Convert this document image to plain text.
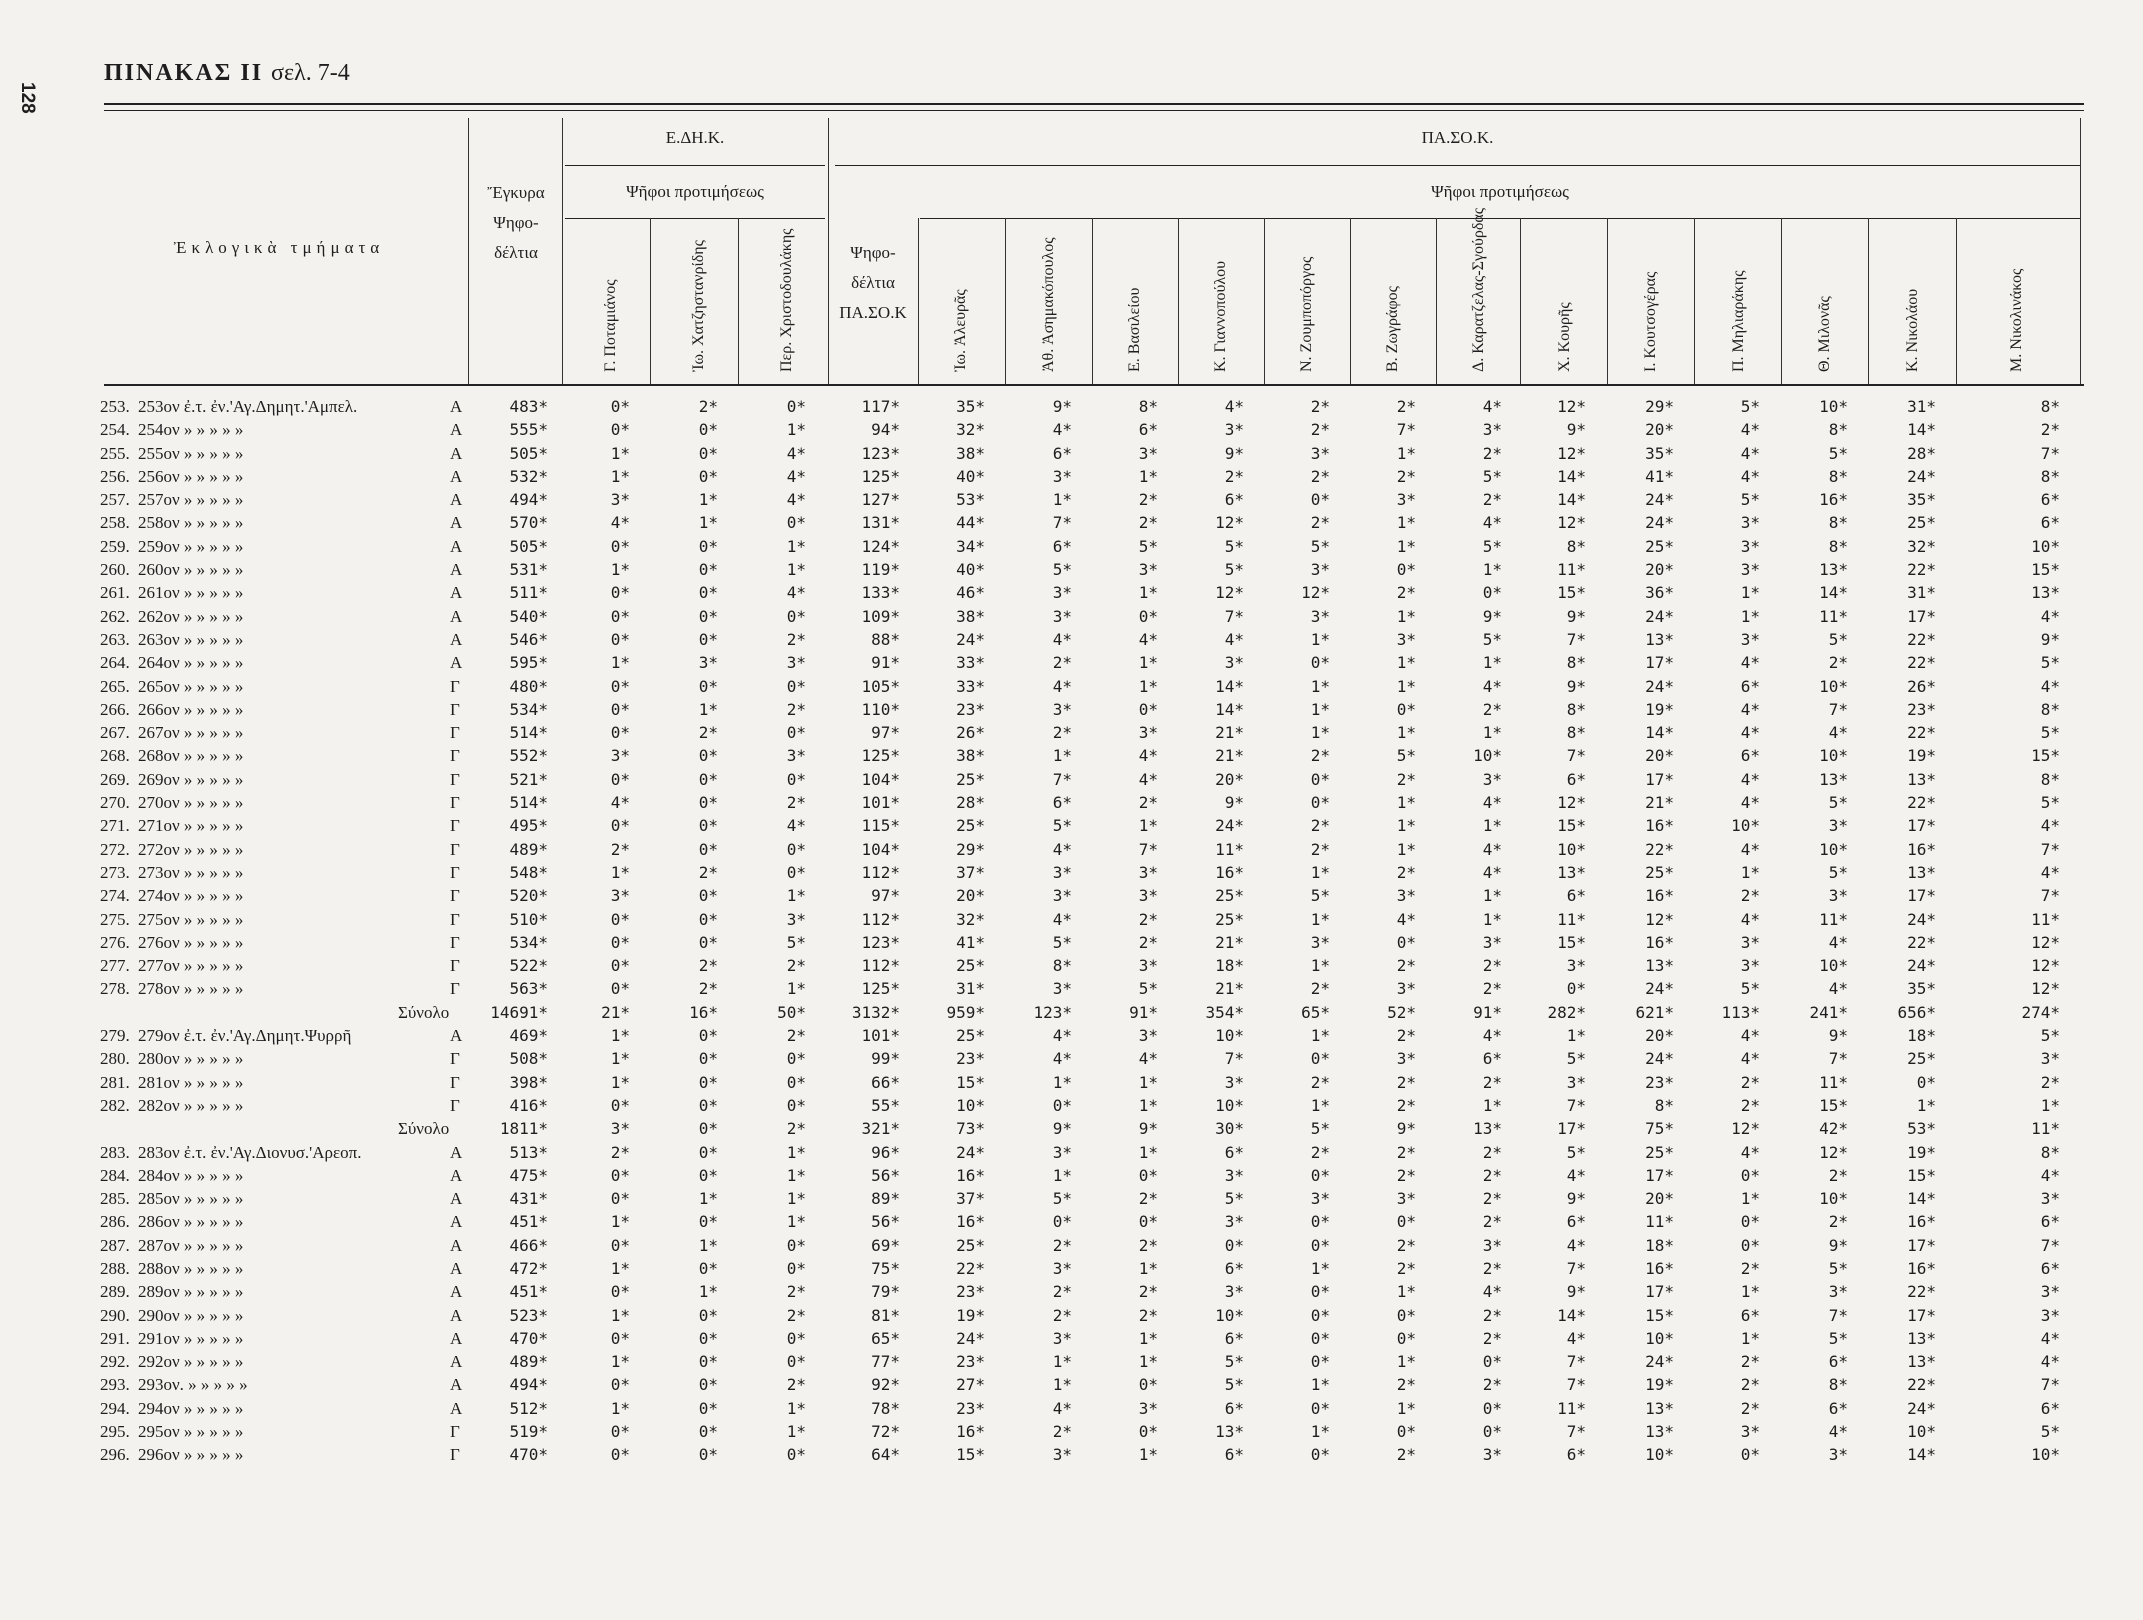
128
ΠΙΝΑΚΑΣ ΙΙ σελ. 7-4
Ἐκλογικὰ τμήματα
Ἔγκυρα Ψηφο-δέλτια
Ε.ΔΗ.Κ.
Ψῆφοι προτιμήσεως
ΠΑ.ΣΟ.Κ.
Ψῆφοι προτιμήσεως
Ψηφο-δέλτια ΠΑ.ΣΟ.Κ
Γ. Ποταμιάνος	Ἰω. Χατζηστανρίδης	Περ. Χριστοδουλάκης	Ἰω. Ἀλευρᾶς	Ἀθ. Ἀσημακόπουλος	Ε. Βασιλείου	Κ. Γιαννοπούλου	Ν. Ζουμποπόργος	Β. Ζωγράφος	Δ. Καρατζελας-Σγούρδας	Χ. Κουρῆς	Ι. Κουτσογέρας	Π. Μηλιαράκης	Θ. Μιλονᾶς	Κ. Νικολάου	Μ. Νικολινάκος
253. 253ον ἐ.τ. ἐν.'Αγ.Δημητ.'Αμπελ.	Α	483*	0*	2*	0*	117*	35*	9*	8*	4*	2*	2*	4*	12*	29*	5*	10*	31*	8*
254. 254ον » » » » »	Α	555*	0*	0*	1*	94*	32*	4*	6*	3*	2*	7*	3*	9*	20*	4*	8*	14*	2*
255. 255ον » » » » »	Α	505*	1*	0*	4*	123*	38*	6*	3*	9*	3*	1*	2*	12*	35*	4*	5*	28*	7*
256. 256ον » » » » »	Α	532*	1*	0*	4*	125*	40*	3*	1*	2*	2*	2*	5*	14*	41*	4*	8*	24*	8*
257. 257ον » » » » »	Α	494*	3*	1*	4*	127*	53*	1*	2*	6*	0*	3*	2*	14*	24*	5*	16*	35*	6*
258. 258ον » » » » »	Α	570*	4*	1*	0*	131*	44*	7*	2*	12*	2*	1*	4*	12*	24*	3*	8*	25*	6*
259. 259ον » » » » »	Α	505*	0*	0*	1*	124*	34*	6*	5*	5*	5*	1*	5*	8*	25*	3*	8*	32*	10*
260. 260ον » » » » »	Α	531*	1*	0*	1*	119*	40*	5*	3*	5*	3*	0*	1*	11*	20*	3*	13*	22*	15*
261. 261ον » » » » »	Α	511*	0*	0*	4*	133*	46*	3*	1*	12*	12*	2*	0*	15*	36*	1*	14*	31*	13*
262. 262ον » » » » »	Α	540*	0*	0*	0*	109*	38*	3*	0*	7*	3*	1*	9*	9*	24*	1*	11*	17*	4*
263. 263ον » » » » »	Α	546*	0*	0*	2*	88*	24*	4*	4*	4*	1*	3*	5*	7*	13*	3*	5*	22*	9*
264. 264ον » » » » »	Α	595*	1*	3*	3*	91*	33*	2*	1*	3*	0*	1*	1*	8*	17*	4*	2*	22*	5*
265. 265ον » » » » »	Γ	480*	0*	0*	0*	105*	33*	4*	1*	14*	1*	1*	4*	9*	24*	6*	10*	26*	4*
266. 266ον » » » » »	Γ	534*	0*	1*	2*	110*	23*	3*	0*	14*	1*	0*	2*	8*	19*	4*	7*	23*	8*
267. 267ον » » » » »	Γ	514*	0*	2*	0*	97*	26*	2*	3*	21*	1*	1*	1*	8*	14*	4*	4*	22*	5*
268. 268ον » » » » »	Γ	552*	3*	0*	3*	125*	38*	1*	4*	21*	2*	5*	10*	7*	20*	6*	10*	19*	15*
269. 269ον » » » » »	Γ	521*	0*	0*	0*	104*	25*	7*	4*	20*	0*	2*	3*	6*	17*	4*	13*	13*	8*
270. 270ον » » » » »	Γ	514*	4*	0*	2*	101*	28*	6*	2*	9*	0*	1*	4*	12*	21*	4*	5*	22*	5*
271. 271ον » » » » »	Γ	495*	0*	0*	4*	115*	25*	5*	1*	24*	2*	1*	1*	15*	16*	10*	3*	17*	4*
272. 272ον » » » » »	Γ	489*	2*	0*	0*	104*	29*	4*	7*	11*	2*	1*	4*	10*	22*	4*	10*	16*	7*
273. 273ον » » » » »	Γ	548*	1*	2*	0*	112*	37*	3*	3*	16*	1*	2*	4*	13*	25*	1*	5*	13*	4*
274. 274ον » » » » »	Γ	520*	3*	0*	1*	97*	20*	3*	3*	25*	5*	3*	1*	6*	16*	2*	3*	17*	7*
275. 275ον » » » » »	Γ	510*	0*	0*	3*	112*	32*	4*	2*	25*	1*	4*	1*	11*	12*	4*	11*	24*	11*
276. 276ον » » » » »	Γ	534*	0*	0*	5*	123*	41*	5*	2*	21*	3*	0*	3*	15*	16*	3*	4*	22*	12*
277. 277ον » » » » »	Γ	522*	0*	2*	2*	112*	25*	8*	3*	18*	1*	2*	2*	3*	13*	3*	10*	24*	12*
278. 278ον » » » » »	Γ	563*	0*	2*	1*	125*	31*	3*	5*	21*	2*	3*	2*	0*	24*	5*	4*	35*	12*
Σύνολο	14691*	21*	16*	50*	3132*	959*	123*	91*	354*	65*	52*	91*	282*	621*	113*	241*	656*	274*
279. 279ον ἐ.τ. ἐν.'Αγ.Δημητ.Ψυρρῆ	Α	469*	1*	0*	2*	101*	25*	4*	3*	10*	1*	2*	4*	1*	20*	4*	9*	18*	5*
280. 280ον » » » » »	Γ	508*	1*	0*	0*	99*	23*	4*	4*	7*	0*	3*	6*	5*	24*	4*	7*	25*	3*
281. 281ον » » » » »	Γ	398*	1*	0*	0*	66*	15*	1*	1*	3*	2*	2*	2*	3*	23*	2*	11*	0*	2*
282. 282ον » » » » »	Γ	416*	0*	0*	0*	55*	10*	0*	1*	10*	1*	2*	1*	7*	8*	2*	15*	1*	1*
Σύνολο	1811*	3*	0*	2*	321*	73*	9*	9*	30*	5*	9*	13*	17*	75*	12*	42*	53*	11*
283. 283ον ἐ.τ. ἐν.'Αγ.Διονυσ.'Αρεοπ.	Α	513*	2*	0*	1*	96*	24*	3*	1*	6*	2*	2*	2*	5*	25*	4*	12*	19*	8*
284. 284ον » » » » »	Α	475*	0*	0*	1*	56*	16*	1*	0*	3*	0*	2*	2*	4*	17*	0*	2*	15*	4*
285. 285ον » » » » »	Α	431*	0*	1*	1*	89*	37*	5*	2*	5*	3*	3*	2*	9*	20*	1*	10*	14*	3*
286. 286ον » » » » »	Α	451*	1*	0*	1*	56*	16*	0*	0*	3*	0*	0*	2*	6*	11*	0*	2*	16*	6*
287. 287ον » » » » »	Α	466*	0*	1*	0*	69*	25*	2*	2*	0*	0*	2*	3*	4*	18*	0*	9*	17*	7*
288. 288ον » » » » »	Α	472*	1*	0*	0*	75*	22*	3*	1*	6*	1*	2*	2*	7*	16*	2*	5*	16*	6*
289. 289ον » » » » »	Α	451*	0*	1*	2*	79*	23*	2*	2*	3*	0*	1*	4*	9*	17*	1*	3*	22*	3*
290. 290ον » » » » »	Α	523*	1*	0*	2*	81*	19*	2*	2*	10*	0*	0*	2*	14*	15*	6*	7*	17*	3*
291. 291ον » » » » »	Α	470*	0*	0*	0*	65*	24*	3*	1*	6*	0*	0*	2*	4*	10*	1*	5*	13*	4*
292. 292ον » » » » »	Α	489*	1*	0*	0*	77*	23*	1*	1*	5*	0*	1*	0*	7*	24*	2*	6*	13*	4*
293. 293ον. » » » » »	Α	494*	0*	0*	2*	92*	27*	1*	0*	5*	1*	2*	2*	7*	19*	2*	8*	22*	7*
294. 294ον » » » » »	Α	512*	1*	0*	1*	78*	23*	4*	3*	6*	0*	1*	0*	11*	13*	2*	6*	24*	6*
295. 295ον » » » » »	Γ	519*	0*	0*	1*	72*	16*	2*	0*	13*	1*	0*	0*	7*	13*	3*	4*	10*	5*
296. 296ον » » » » »	Γ	470*	0*	0*	0*	64*	15*	3*	1*	6*	0*	2*	3*	6*	10*	0*	3*	14*	10*
